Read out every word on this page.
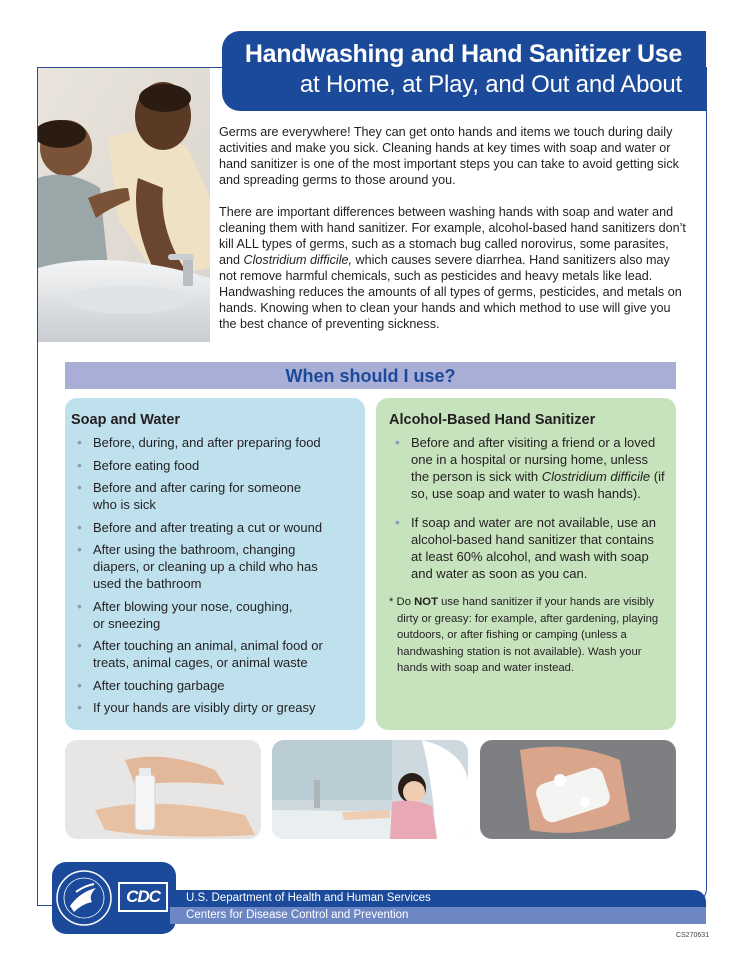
Handwashing and Hand Sanitizer Use
at Home, at Play, and Out and About

Germs are everywhere! They can get onto hands and items we touch during daily activities and make you sick. Cleaning hands at key times with soap and water or hand sanitizer is one of the most important steps you can take to avoid getting sick and spreading germs to those around you.

There are important differences between washing hands with soap and water and cleaning them with hand sanitizer. For example, alcohol-based hand sanitizers don’t kill ALL types of germs, such as a stomach bug called norovirus, some parasites, and Clostridium difficile, which causes severe diarrhea. Hand sanitizers also may not remove harmful chemicals, such as pesticides and heavy metals like lead. Handwashing reduces the amounts of all types of germs, pesticides, and metals on hands. Knowing when to clean your hands and which method to use will give you the best chance of preventing sickness.

When should I use?
Soap and Water
• Before, during, and after preparing food
• Before eating food
• Before and after caring for someone who is sick
• Before and after treating a cut or wound
• After using the bathroom, changing diapers, or cleaning up a child who has used the bathroom
• After blowing your nose, coughing, or sneezing
• After touching an animal, animal food or treats, animal cages, or animal waste
• After touching garbage
• If your hands are visibly dirty or greasy
Alcohol-Based Hand Sanitizer
• Before and after visiting a friend or a loved one in a hospital or nursing home, unless the person is sick with Clostridium difficile (if so, use soap and water to wash hands).
• If soap and water are not available, use an alcohol-based hand sanitizer that contains at least 60% alcohol, and wash with soap and water as soon as you can.
* Do NOT use hand sanitizer if your hands are visibly dirty or greasy: for example, after gardening, playing outdoors, or after fishing or camping (unless a handwashing station is not available). Wash your hands with soap and water instead.
CDC	U.S. Department of Health and Human Services
Centers for Disease Control and Prevention
CS270631
